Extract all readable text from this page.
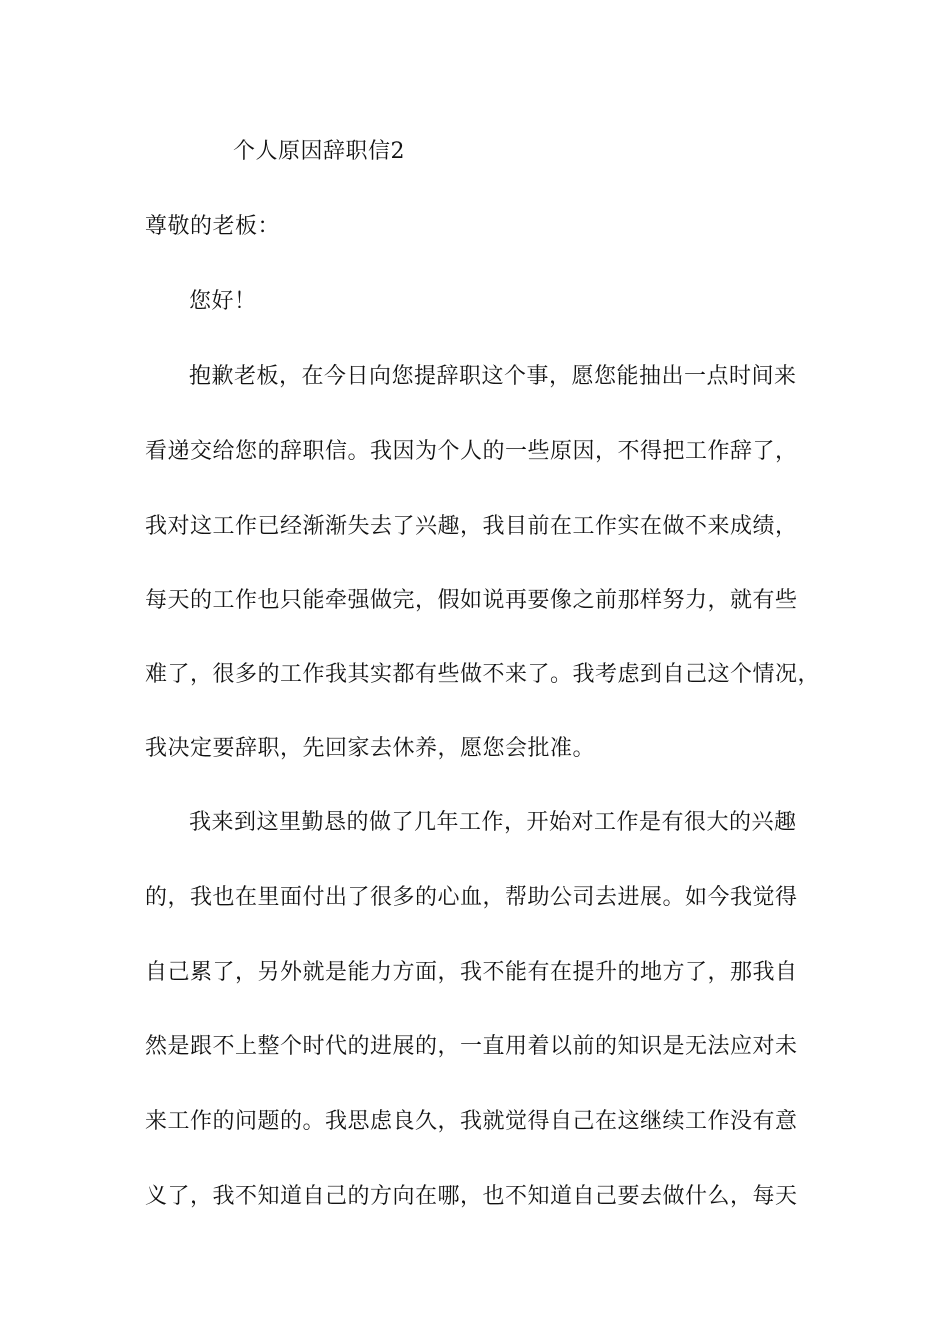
个人原因辞职信2
尊敬的老板：
您好！
抱歉老板，在今日向您提辞职这个事，愿您能抽出一点时间来
看递交给您的辞职信。我因为个人的一些原因，不得把工作辞了，
我对这工作已经渐渐失去了兴趣，我目前在工作实在做不来成绩，
每天的工作也只能牵强做完，假如说再要像之前那样努力，就有些
难了，很多的工作我其实都有些做不来了。我考虑到自己这个情况，
我决定要辞职，先回家去休养，愿您会批准。
我来到这里勤恳的做了几年工作，开始对工作是有很大的兴趣
的，我也在里面付出了很多的心血，帮助公司去进展。如今我觉得
自己累了，另外就是能力方面，我不能有在提升的地方了，那我自
然是跟不上整个时代的进展的，一直用着以前的知识是无法应对未
来工作的问题的。我思虑良久，我就觉得自己在这继续工作没有意
义了，我不知道自己的方向在哪，也不知道自己要去做什么，每天
